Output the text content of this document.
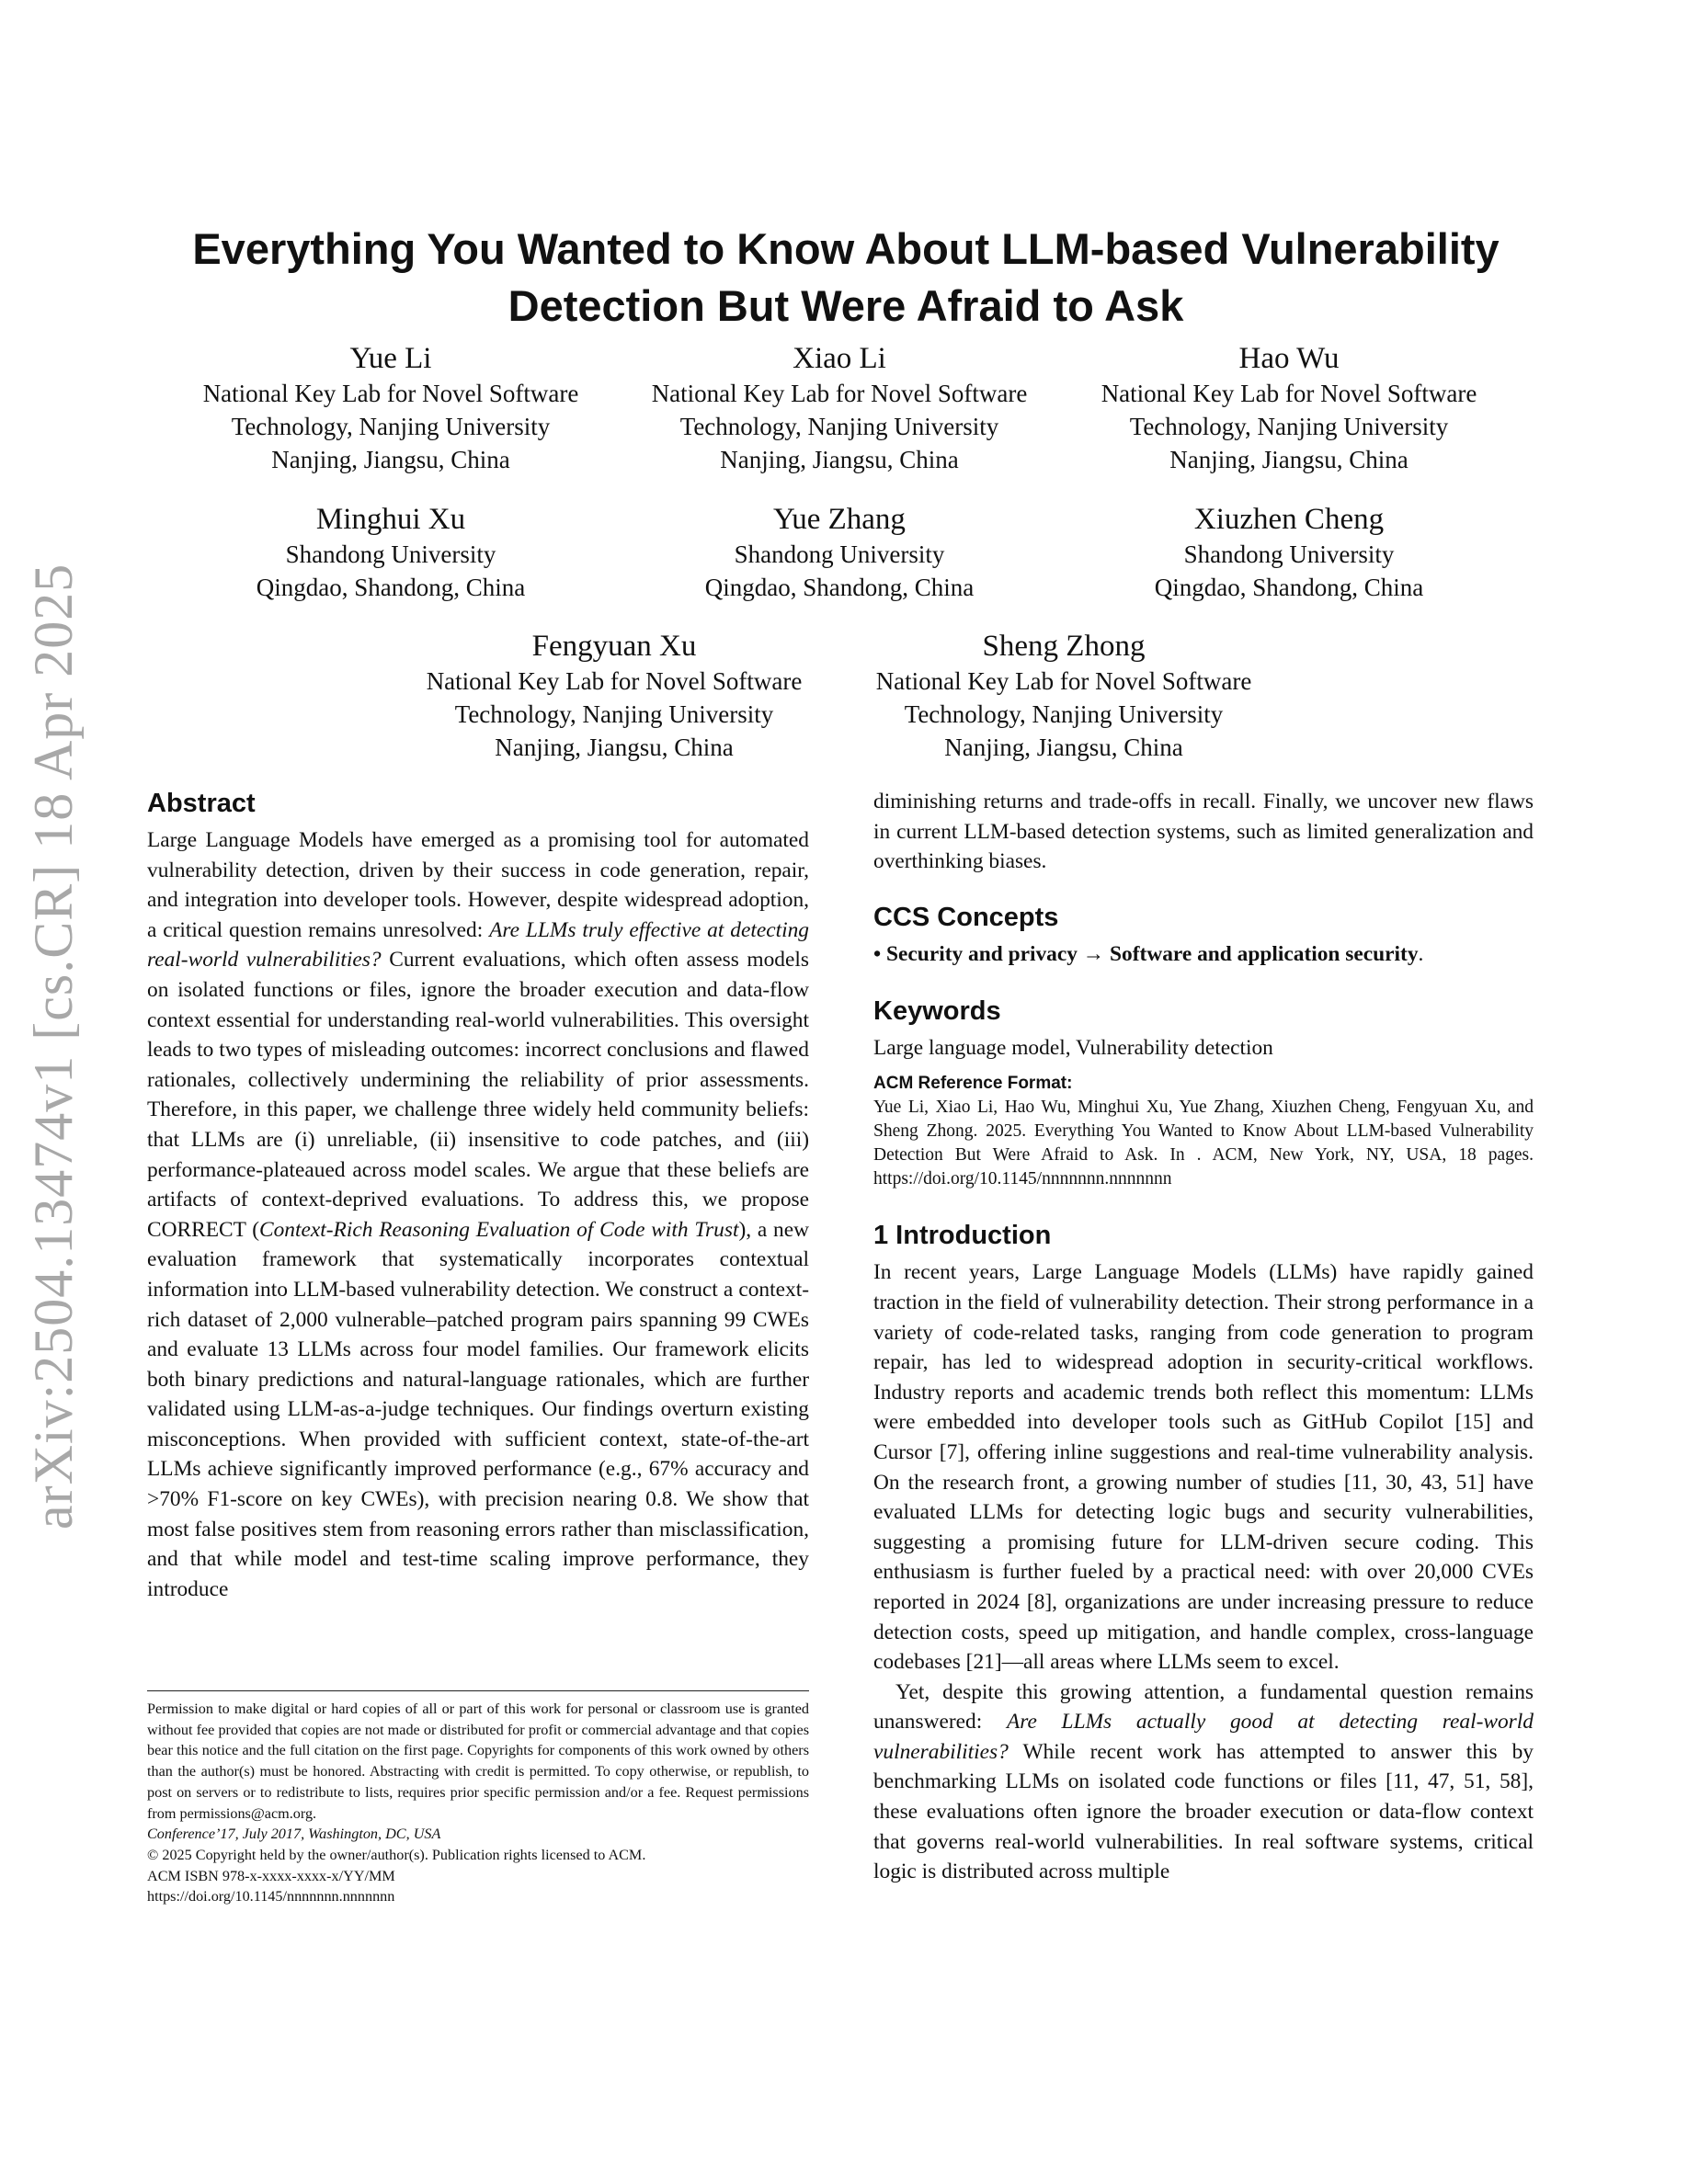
arXiv:2504.13474v1 [cs.CR] 18 Apr 2025
Everything You Wanted to Know About LLM-based Vulnerability
Detection But Were Afraid to Ask
Yue Li
National Key Lab for Novel Software
Technology, Nanjing University
Nanjing, Jiangsu, China
Xiao Li
National Key Lab for Novel Software
Technology, Nanjing University
Nanjing, Jiangsu, China
Hao Wu
National Key Lab for Novel Software
Technology, Nanjing University
Nanjing, Jiangsu, China
Minghui Xu
Shandong University
Qingdao, Shandong, China
Yue Zhang
Shandong University
Qingdao, Shandong, China
Xiuzhen Cheng
Shandong University
Qingdao, Shandong, China
Fengyuan Xu
National Key Lab for Novel Software
Technology, Nanjing University
Nanjing, Jiangsu, China
Sheng Zhong
National Key Lab for Novel Software
Technology, Nanjing University
Nanjing, Jiangsu, China
Abstract

Large Language Models have emerged as a promising tool for automated vulnerability detection, driven by their success in code generation, repair, and integration into developer tools. However, despite widespread adoption, a critical question remains unresolved: Are LLMs truly effective at detecting real-world vulnerabilities? Current evaluations, which often assess models on isolated functions or files, ignore the broader execution and data-flow context essential for understanding real-world vulnerabilities. This oversight leads to two types of misleading outcomes: incorrect conclusions and flawed rationales, collectively undermining the reliability of prior assessments. Therefore, in this paper, we challenge three widely held community beliefs: that LLMs are (i) unreliable, (ii) insensitive to code patches, and (iii) performance-plateaued across model scales. We argue that these beliefs are artifacts of context-deprived evaluations. To address this, we propose CORRECT (Context-Rich Reasoning Evaluation of Code with Trust), a new evaluation framework that systematically incorporates contextual information into LLM-based vulnerability detection. We construct a context-rich dataset of 2,000 vulnerable–patched program pairs spanning 99 CWEs and evaluate 13 LLMs across four model families. Our framework elicits both binary predictions and natural-language rationales, which are further validated using LLM-as-a-judge techniques. Our findings overturn existing misconceptions. When provided with sufficient context, state-of-the-art LLMs achieve significantly improved performance (e.g., 67% accuracy and >70% F1-score on key CWEs), with precision nearing 0.8. We show that most false positives stem from reasoning errors rather than misclassification, and that while model and test-time scaling improve performance, they introduce

Permission to make digital or hard copies of all or part of this work for personal or classroom use is granted without fee provided that copies are not made or distributed for profit or commercial advantage and that copies bear this notice and the full citation on the first page. Copyrights for components of this work owned by others than the author(s) must be honored. Abstracting with credit is permitted. To copy otherwise, or republish, to post on servers or to redistribute to lists, requires prior specific permission and/or a fee. Request permissions from permissions@acm.org.

Conference’17, July 2017, Washington, DC, USA

© 2025 Copyright held by the owner/author(s). Publication rights licensed to ACM.

ACM ISBN 978-x-xxxx-xxxx-x/YY/MM

https://doi.org/10.1145/nnnnnnn.nnnnnnn

diminishing returns and trade-offs in recall. Finally, we uncover new flaws in current LLM-based detection systems, such as limited generalization and overthinking biases.

CCS Concepts

• Security and privacy → Software and application security.

Keywords

Large language model, Vulnerability detection

ACM Reference Format:

Yue Li, Xiao Li, Hao Wu, Minghui Xu, Yue Zhang, Xiuzhen Cheng, Fengyuan Xu, and Sheng Zhong. 2025. Everything You Wanted to Know About LLM-based Vulnerability Detection But Were Afraid to Ask. In . ACM, New York, NY, USA, 18 pages. https://doi.org/10.1145/nnnnnnn.nnnnnnn

1 Introduction

In recent years, Large Language Models (LLMs) have rapidly gained traction in the field of vulnerability detection. Their strong performance in a variety of code-related tasks, ranging from code generation to program repair, has led to widespread adoption in security-critical workflows. Industry reports and academic trends both reflect this momentum: LLMs were embedded into developer tools such as GitHub Copilot [15] and Cursor [7], offering inline suggestions and real-time vulnerability analysis. On the research front, a growing number of studies [11, 30, 43, 51] have evaluated LLMs for detecting logic bugs and security vulnerabilities, suggesting a promising future for LLM-driven secure coding. This enthusiasm is further fueled by a practical need: with over 20,000 CVEs reported in 2024 [8], organizations are under increasing pressure to reduce detection costs, speed up mitigation, and handle complex, cross-language codebases [21]—all areas where LLMs seem to excel.

Yet, despite this growing attention, a fundamental question remains unanswered: Are LLMs actually good at detecting real-world vulnerabilities? While recent work has attempted to answer this by benchmarking LLMs on isolated code functions or files [11, 47, 51, 58], these evaluations often ignore the broader execution or data-flow context that governs real-world vulnerabilities. In real software systems, critical logic is distributed across multiple
